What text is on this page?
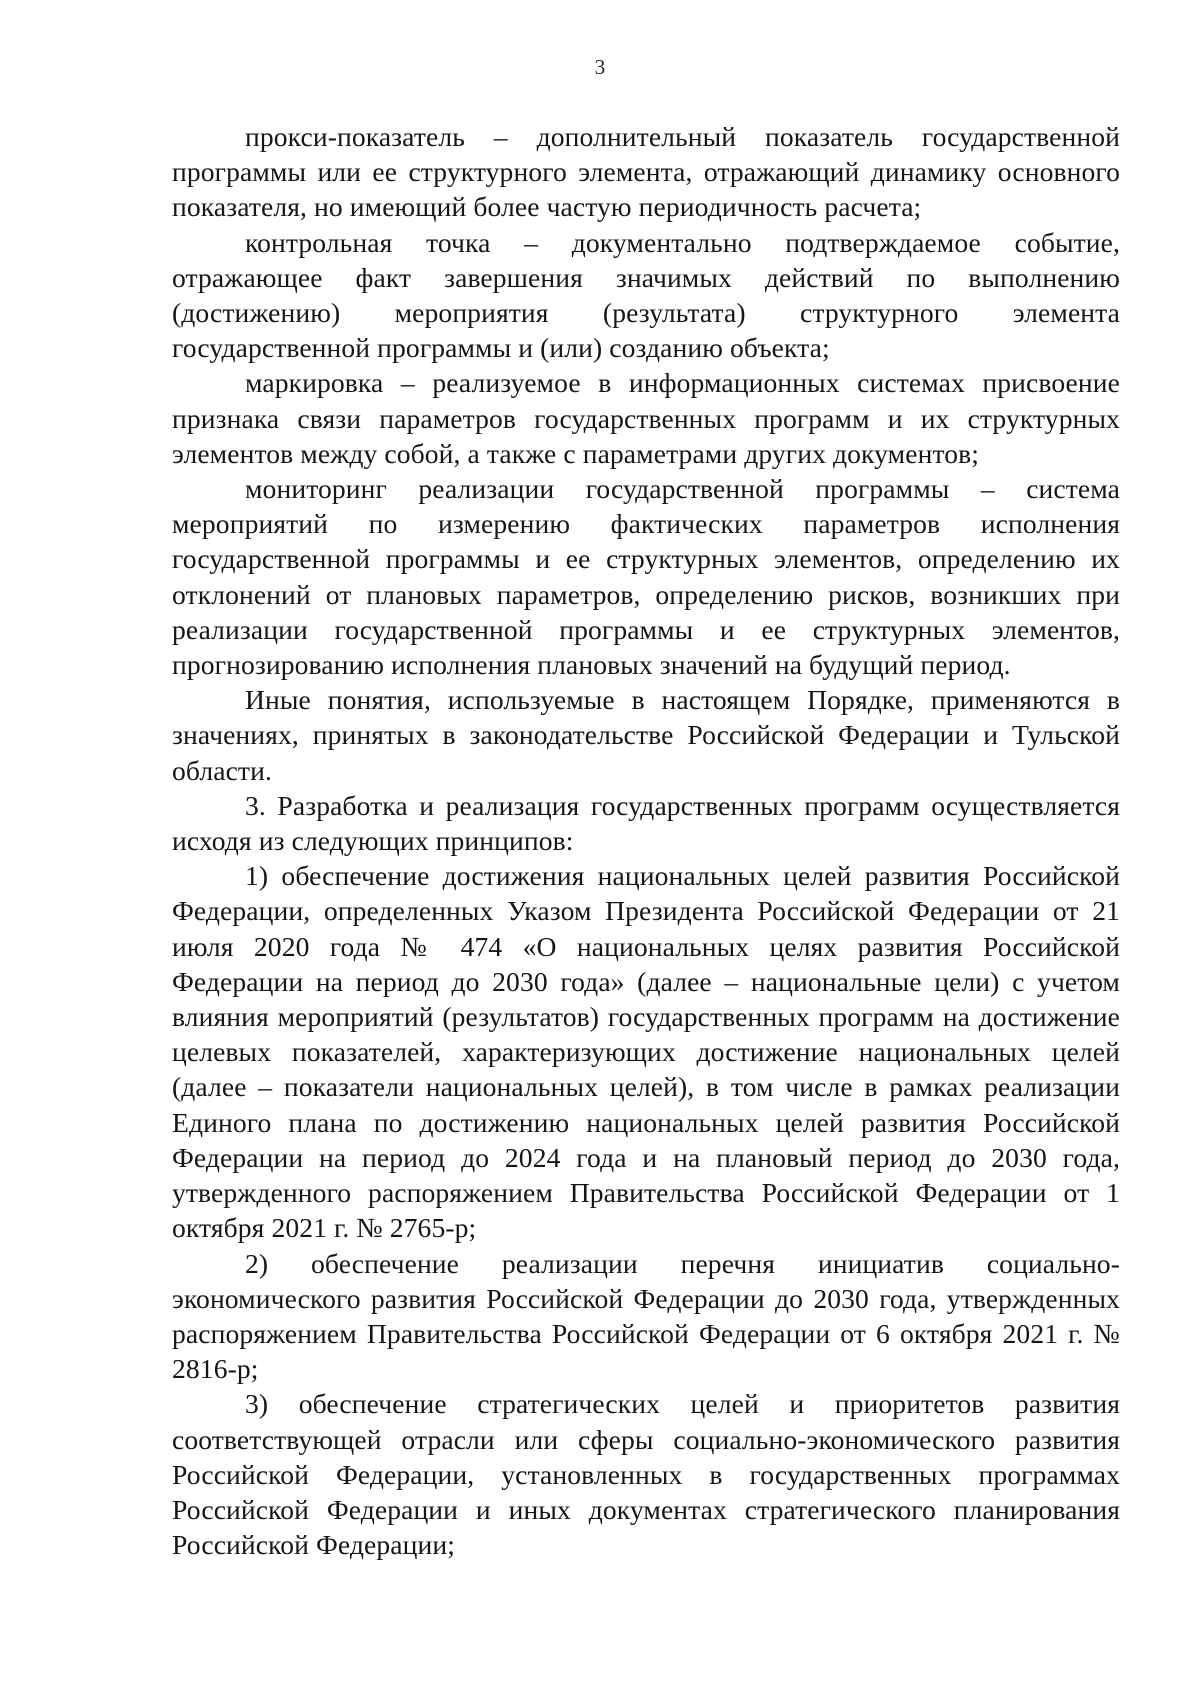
3

прокси-показатель – дополнительный показатель государственной программы или ее структурного элемента, отражающий динамику основного показателя, но имеющий более частую периодичность расчета;

контрольная точка – документально подтверждаемое событие, отражающее факт завершения значимых действий по выполнению (достижению) мероприятия (результата) структурного элемента государственной программы и (или) созданию объекта;

маркировка – реализуемое в информационных системах присвоение признака связи параметров государственных программ и их структурных элементов между собой, а также с параметрами других документов;

мониторинг реализации государственной программы – система мероприятий по измерению фактических параметров исполнения государственной программы и ее структурных элементов, определению их отклонений от плановых параметров, определению рисков, возникших при реализации государственной программы и ее структурных элементов, прогнозированию исполнения плановых значений на будущий период.

Иные понятия, используемые в настоящем Порядке, применяются в значениях, принятых в законодательстве Российской Федерации и Тульской области.

3. Разработка и реализация государственных программ осуществляется исходя из следующих принципов:

1) обеспечение достижения национальных целей развития Российской Федерации, определенных Указом Президента Российской Федерации от 21 июля 2020 года № 474 «О национальных целях развития Российской Федерации на период до 2030 года» (далее – национальные цели) с учетом влияния мероприятий (результатов) государственных программ на достижение целевых показателей, характеризующих достижение национальных целей (далее – показатели национальных целей), в том числе в рамках реализации Единого плана по достижению национальных целей развития Российской Федерации на период до 2024 года и на плановый период до 2030 года, утвержденного распоряжением Правительства Российской Федерации от 1 октября 2021 г. № 2765-р;

2) обеспечение реализации перечня инициатив социально-экономического развития Российской Федерации до 2030 года, утвержденных распоряжением Правительства Российской Федерации от 6 октября 2021 г. № 2816-р;

3) обеспечение стратегических целей и приоритетов развития соответствующей отрасли или сферы социально-экономического развития Российской Федерации, установленных в государственных программах Российской Федерации и иных документах стратегического планирования Российской Федерации;
